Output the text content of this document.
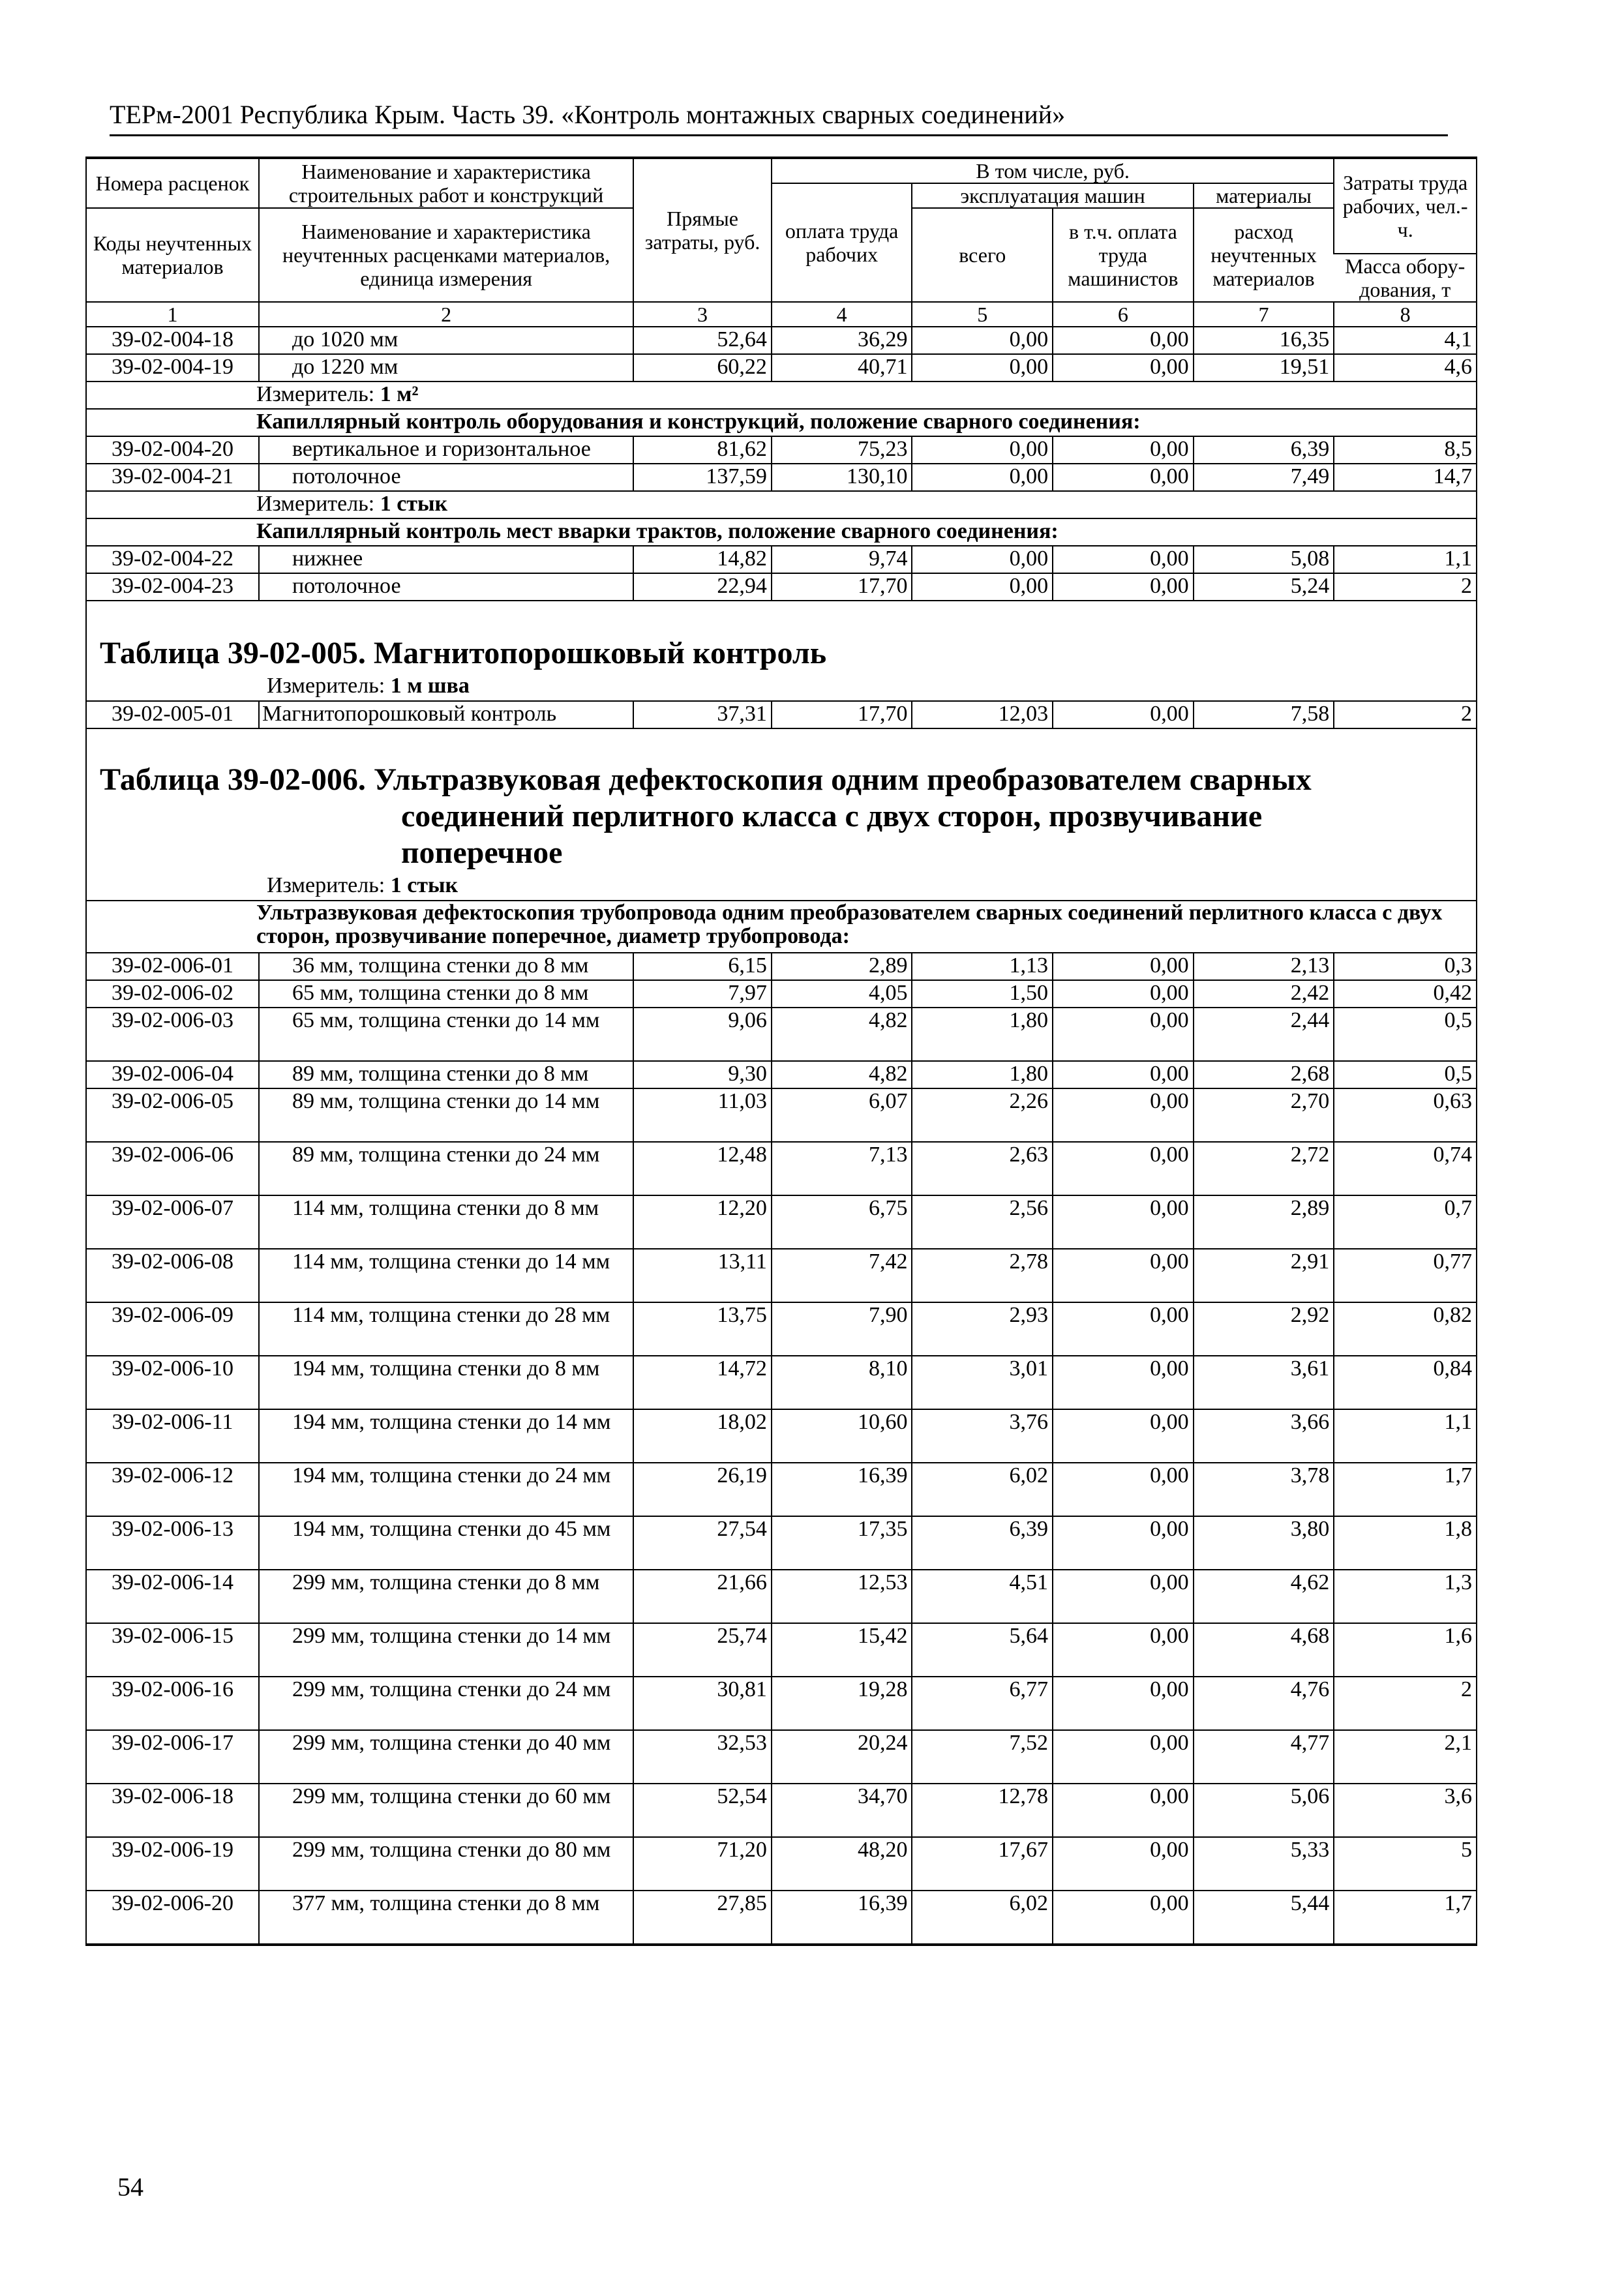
ТЕРм-2001 Республика Крым. Часть 39. «Контроль монтажных сварных соединений»
Номера расценок	Наименование и характеристика строительных работ и конструкций	Прямые затраты, руб.	В том числе, руб.				Затраты труда рабочих, чел.-ч.
			оплата труда рабочих	эксплуатация машин		материалы	
Коды неучтенных материалов	Наименование и характеристика неучтенных расценками материалов, единица измерения			всего	в т.ч. оплата труда машинистов	расход неучтенных материалов	
							Масса обору-дования, т
1	2	3	4	5	6	7	8
39-02-004-18	до 1020 мм	52,64	36,29	0,00	0,00	16,35	4,1
39-02-004-19	до 1220 мм	60,22	40,71	0,00	0,00	19,51	4,6
Измеритель: 1 м²							
Капиллярный контроль оборудования и конструкций, положение сварного соединения:							
39-02-004-20	вертикальное и горизонтальное	81,62	75,23	0,00	0,00	6,39	8,5
39-02-004-21	потолочное	137,59	130,10	0,00	0,00	7,49	14,7
Измеритель: 1 стык							
Капиллярный контроль мест вварки трактов, положение сварного соединения:							
39-02-004-22	нижнее	14,82	9,74	0,00	0,00	5,08	1,1
39-02-004-23	потолочное	22,94	17,70	0,00	0,00	5,24	2
Таблица 39-02-005. Магнитопорошковый контроль
Измеритель: 1 м шва
39-02-005-01	Магнитопорошковый контроль	37,31	17,70	12,03	0,00	7,58	2
Таблица 39-02-006. Ультразвуковая дефектоскопия одним преобразователем сварных
соединений перлитного класса с двух сторон, прозвучивание
поперечное
Измеритель: 1 стык
Ультразвуковая дефектоскопия трубопровода одним преобразователем сварных соединений перлитного класса с двух сторон, прозвучивание поперечное, диаметр трубопровода:							
39-02-006-01	36 мм, толщина стенки до 8 мм	6,15	2,89	1,13	0,00	2,13	0,3
39-02-006-02	65 мм, толщина стенки до 8 мм	7,97	4,05	1,50	0,00	2,42	0,42
39-02-006-03	65 мм, толщина стенки до 14 мм	9,06	4,82	1,80	0,00	2,44	0,5
39-02-006-04	89 мм, толщина стенки до 8 мм	9,30	4,82	1,80	0,00	2,68	0,5
39-02-006-05	89 мм, толщина стенки до 14 мм	11,03	6,07	2,26	0,00	2,70	0,63
39-02-006-06	89 мм, толщина стенки до 24 мм	12,48	7,13	2,63	0,00	2,72	0,74
39-02-006-07	114 мм, толщина стенки до 8 мм	12,20	6,75	2,56	0,00	2,89	0,7
39-02-006-08	114 мм, толщина стенки до 14 мм	13,11	7,42	2,78	0,00	2,91	0,77
39-02-006-09	114 мм, толщина стенки до 28 мм	13,75	7,90	2,93	0,00	2,92	0,82
39-02-006-10	194 мм, толщина стенки до 8 мм	14,72	8,10	3,01	0,00	3,61	0,84
39-02-006-11	194 мм, толщина стенки до 14 мм	18,02	10,60	3,76	0,00	3,66	1,1
39-02-006-12	194 мм, толщина стенки до 24 мм	26,19	16,39	6,02	0,00	3,78	1,7
39-02-006-13	194 мм, толщина стенки до 45 мм	27,54	17,35	6,39	0,00	3,80	1,8
39-02-006-14	299 мм, толщина стенки до 8 мм	21,66	12,53	4,51	0,00	4,62	1,3
39-02-006-15	299 мм, толщина стенки до 14 мм	25,74	15,42	5,64	0,00	4,68	1,6
39-02-006-16	299 мм, толщина стенки до 24 мм	30,81	19,28	6,77	0,00	4,76	2
39-02-006-17	299 мм, толщина стенки до 40 мм	32,53	20,24	7,52	0,00	4,77	2,1
39-02-006-18	299 мм, толщина стенки до 60 мм	52,54	34,70	12,78	0,00	5,06	3,6
39-02-006-19	299 мм, толщина стенки до 80 мм	71,20	48,20	17,67	0,00	5,33	5
39-02-006-20	377 мм, толщина стенки до 8 мм	27,85	16,39	6,02	0,00	5,44	1,7
54
